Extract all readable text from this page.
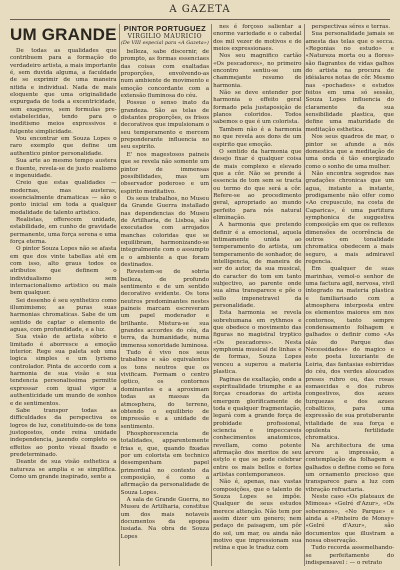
A GAZETA
UM GRANDE

De todas as qualidades que contribuem para a formação do verdadeiro artista, a mais importante é, sem duvida alguma, a faculdade de se exprimir de uma maneira nitida e individual. Nada de mais eloquente que uma originalidade expurgada de toda a excentricidade, sem exageros, sem formulas pre-estabelecidas, tendo para o ineditismo meios expressivos e fulgente simplicidade.

Vou encontrar em Souza Lopes o raro exemplo que define um authentico pintor personalidade.

Sua arte ao mesmo tempo austera e fluente, revela-se de justo realismo e ingenuidade.

Creio que estas qualidades — modernas, mas austeras, essencialmente dramaticas — são o ponto inicial em toda a qualquer modalidade de talento artistico.

Realistas, offerecem unidade, estabilidade, em cunho de gravidade permanente, uma força serena e uma força eterna.

O pintor Souza Lopes não se afasta em que dos vinte tabellas até em com isso, alto graus todos os atributos que definem o individualismo sem internacionalismo artistico ou mais bem qualquer.

Sei desenho é seu synthetico como illumimismo; as puras suas harmonias chromaticas. Sabe de um sentido de captar o elemento de aguas, com profundidade, e a luz.

Sua visão de artista sóbrio e limitado é aborresce a emoção interior. Rege sua paleta sob uma logica simples e um lyrismo controlador. Pinta de accordo com a harmonia de sua visão e sua tendencia personalissima permitte expressar com igual vigor a authenticidade um mundo de sonhos e de sentimentos.

Sabe transpor todas as difficuldades da perspectiva os logros de luz, constituindo-os de tons justopostos, onde reina unidade independencia, jazendo completo os effeitos ao ponto visual fixado e predeterminado.

Deante de sua visão esthetica a natureza se amplia e se simplifica. Como um grande inspirado, sente a

PINTOR PORTUGUEZ
VIRGILIO MAURICIO
(De VIII especial para «A Gazeta»)

belleza, sabe discernir, de prompto, as formas essenciaes das coisas com exaltadas proporções, envolvendo-as num ambiente de movimento e emoção concordante com a extensão fluminosa do céu.

Possue o senso inato da grandeza. São as telas de distantes proporções, os frisos decorativos que impulsionam o seu temperamento e mercem preponderante influencia no seu espirito.

E' nos magestosos paineis que se revela não somente um pintor de immensas possibilidades, mas um observador poderoso e um espirito meditativo.

Os seus trabalhos, no Museu da Grande Guerra installado nas dependencias do Museu de Artilharia, de Lisboa, são executados com arrojados manchas coloridas que se equilibram, harmonizando-se integralmente com o assumpto e o ambiente a que foram destinados.

Revestem-se de sobria belleza, de profundo sentimento e de um sentido decorativo evidente. Os tons neutros predominantes nestes paineis marcam escreveram um papel moderador e brilhante. Mistura-se sua grandes accordes do céu, da terra, da humanidade, numa immensa sonoridade luminosa.

Tudo é vivo nos seus trabalhos e são equivalentes os tons neutros que os vivificam. Formam o centro optico, os contornos dominantes e a aproximam todas as massas da atmosphera, do terreno, obtendo o equilibrio de impressão e a unidade de sentimento.

Phosphorescencia de totalidades, apparentemente frias e, que, quando fixadas por um colorista em technico desempenham papel primordial no contexto da composição, é como a afirmação da personalidade de Souza Lopes.

A sala de Grande Guerra, no Museu de Artilharia, constitue um dos mais notaveis documentos da epopea lusiada. Na obra de Souza Lopes

nes é forçoso salientar a enorme variedade e o cabedal dos mil vezer de motivos e de meios expressionaes.

Nos seu magnifico cartão «Os pescadores», no primeiro encontro sentiu-se um chammejante resumo de harmonia.

Não se deve entender por harmonia o effeito geral formado pela justaposição de planos coloridos. Todos sabemos o que é um colorista.

Tambem não é a harmonia no que revela aos dons de um espirito que emoção.

O sentido da harmonia que desejo fixar é qualquer coisa de mais complexo e elevado que a côr. Não se prende á essencia de tom sem se tracta ou termo do que será a côr. Refere-se ao procedimento geral, apropriado ao mundo perfeito para nós natural eliminação.

A harmonia que pretendo definir é a emocional, aquela intimamente unida ao temperamento do artista, um temperamento de sonhador, de intelligencia, de maneira de ser do autor, da sua musical, do caracter do tom em tanto subjectivo, ao parente onde sua alma transparece e põe o sello impenetravel da personalidade.

Esta harmonia se revela sobrehumana em rythmos e que obedece o movimento das figuras no magistral tryptico «Os pescadores». Nesta symphonia musical de linhas e de formas, Souza Lopes venceu a superou a materia plastica.

Paginas de exaltação, onde a espiritualidade triumphe e as forças creadoras do artista emergem glorificamente de toda e qualquer fragmentação, legará com a grande força de probidade profissional, sciencia e impeccaveis conhecimentos anatomicos, revellam, como potente afirmação dos meritos de seu estylo e que se pode celebrar entre os mais bellos e fortes artistas contemporaneos.

Não é, apenas, nas vastas composições, que o talento de Souza Lopes se impõe. Qualquer de seus estudos merece attenção. Não tem por assim dizer um genero; nem pedaço de paisagem, um pôr do sol, um mar, ou ainda não motivo que impressionam sua retina e que le traduz com

perspectivas séres e terras.

Sua personalidade jamais se amesta das telas que o secca. «Regonias no estudo» e «Natureza morta ou a flores» são flagrantes de vidas galhos do artista na procura de idéialares notas de côr. Mesmo nas «pochades» e estudos feitos em uma só sessão, Souza Lopes influencia do claramente da sua sensibilidade plastica, que define uma maturidade de meditação esthetica.

Nos seus quadros de mar, o pintor se afunde a nós domestica que a meditação de uma onda é tão energizado como o sonho de uma mulher.

Não encontra segredos nas gradações chronicas que um agua, instante a instante, prodigamente não olfer como «Ao crepusculo, na costa de Caparica», é uma partitura symphonica de suggestiva composição em que os reflexos dimensões de ocorrência de outros em tonalidade chromatica obedecem a mais seguro, a mais admiravel regencia.

Em qualquer de suas marinhas, vemol-o senhor de uma factura agil, nervosa, vivil integrado na materia plastica e familiarisado com a atmosphera interposta entre os elementos maiores em nos contornos, tanto sempre condensamento folhagem e galhados o definir como «As olás do Parque das Necessidades» do magico e este poeta luxuriante de Leiria, das fantasias esbirridas do céu, dos verdes aloucados preses rubro ou, das rosas esmaecidas e dos rubros congestivos, dos azues turquezas e dos azues cobalticos, para uma expressão de sua protuberante vitalidade de sua força e opulenta fertilidade chromatica.

Na architectura de uma arvore a impressão, a contemplação da folhagem e galhados o define como se fora um ornamento precioso que transparece para a luz com vibração refractaria.

Neste caso «Os plateaux de Mimosa» «Gelré d'Azur», «Os soberanos», «No Parque» e ainda a «Pinheiro de Monsy» «Gelré d'Azur», são documentos que illustram a nossa observação.

Tudo recorda assemelhando-se perfeitamente do indispensavel : — o retrato
